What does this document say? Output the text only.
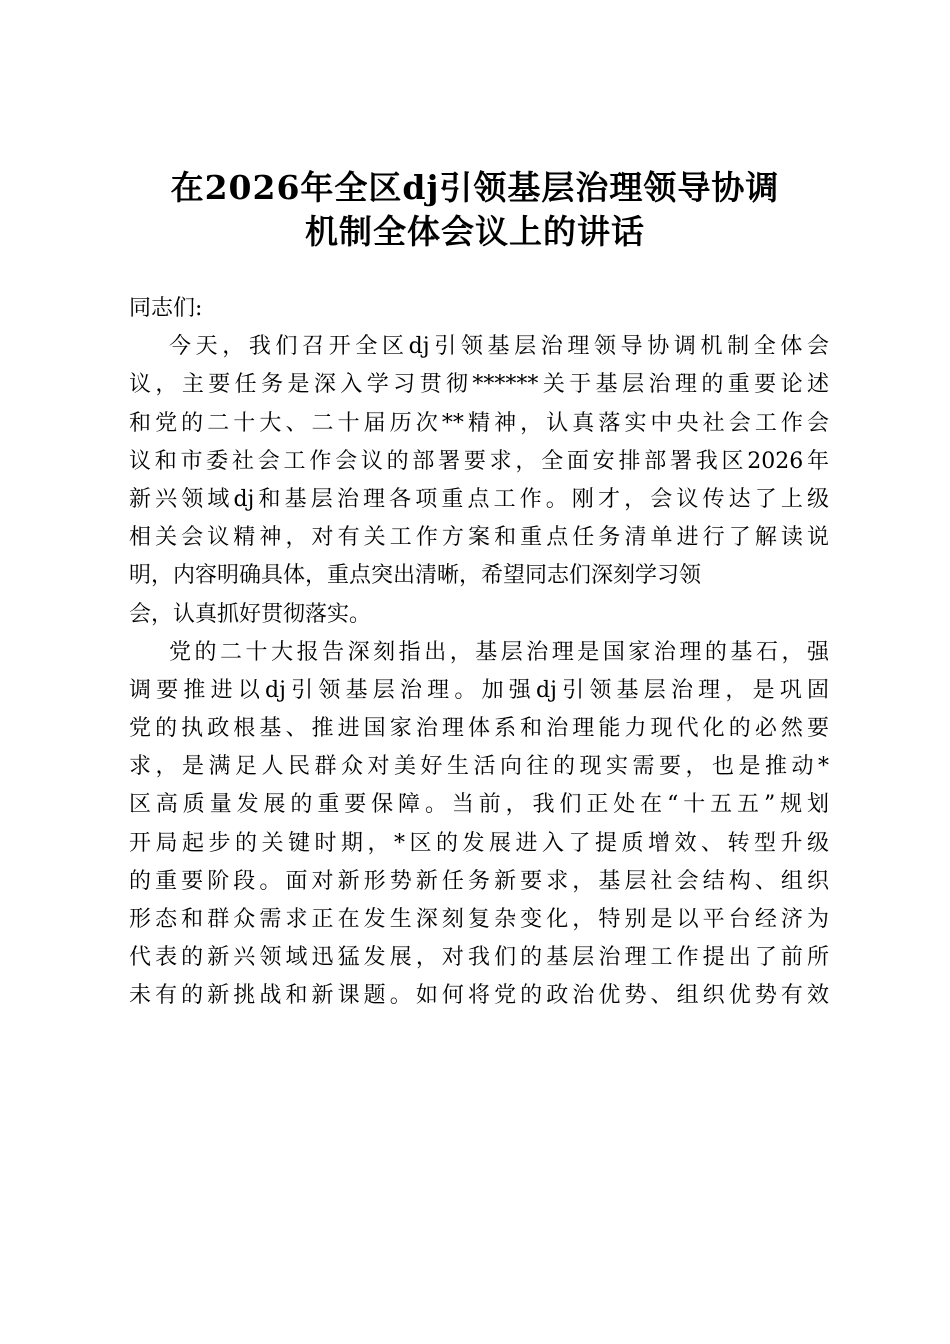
在2026年全区dj引领基层治理领导协调
机制全体会议上的讲话
同志们:
今天，我们召开全区dj引领基层治理领导协调机制全体会
议，主要任务是深入学习贯彻******关于基层治理的重要论述
和党的二十大、二十届历次**精神，认真落实中央社会工作会
议和市委社会工作会议的部署要求，全面安排部署我区2026年
新兴领域dj和基层治理各项重点工作。刚才，会议传达了上级
相关会议精神，对有关工作方案和重点任务清单进行了解读说
明，内容明确具体，重点突出清晰，希望同志们深刻学习领
会，认真抓好贯彻落实。
党的二十大报告深刻指出，基层治理是国家治理的基石，强
调要推进以dj引领基层治理。加强dj引领基层治理，是巩固
党的执政根基、推进国家治理体系和治理能力现代化的必然要
求，是满足人民群众对美好生活向往的现实需要，也是推动*
区高质量发展的重要保障。当前，我们正处在“十五五”规划
开局起步的关键时期，*区的发展进入了提质增效、转型升级
的重要阶段。面对新形势新任务新要求，基层社会结构、组织
形态和群众需求正在发生深刻复杂变化，特别是以平台经济为
代表的新兴领域迅猛发展，对我们的基层治理工作提出了前所
未有的新挑战和新课题。如何将党的政治优势、组织优势有效
